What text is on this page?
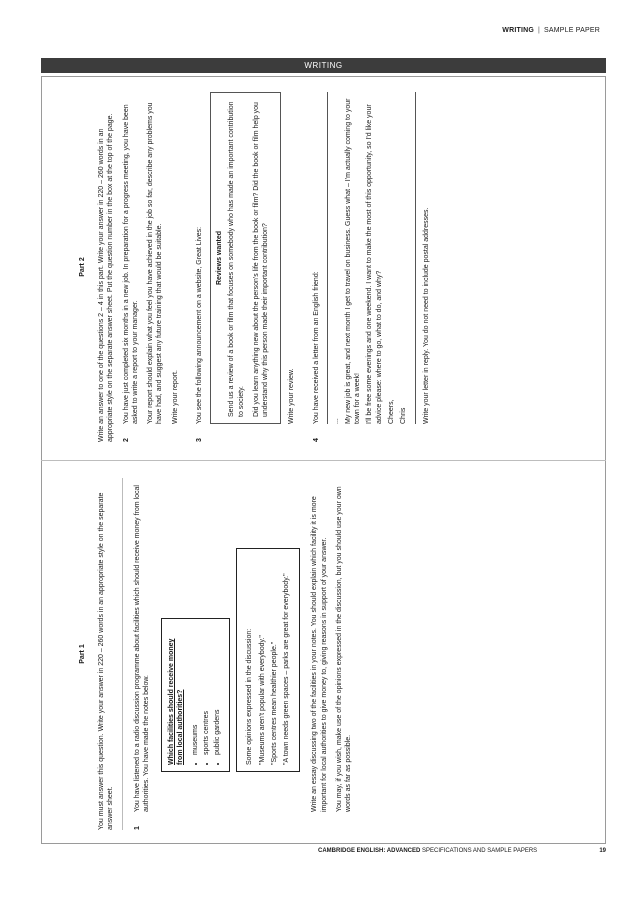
WRITING | SAMPLE PAPER
WRITING
Part 2 Write an answer to one of the questions 2 – 4 in this part. Write your answer in 220 – 260 words in an appropriate style on the separate answer sheet. Put the question number in the box at the top of the page. 2
You have just completed six months in a new job. In preparation for a progress meeting, you have been asked to write a report to your manager. Your report should explain what you feel you have achieved in the job so far, describe any problems you have had, and suggest any future training that would be suitable. Write your report.
3
You see the following announcement on a website, Great Lives: Reviews wanted Send us a review of a book or film that focuses on somebody who has made an important contribution to society. Did you learn anything new about the person's life from the book or film? Did the book or film help you understand why this person made their important contribution?	Write your review.
4
You have received a letter from an English friend: ... My new job is great, and next month I get to travel on business. Guess what – I'm actually coming to your town for a week! I'll be free some evenings and one weekend. I want to make the most of this opportunity, so I'd like your advice please: where to go, what to do, and why? Cheers, Chris Write your letter in reply. You do not need to include postal addresses.
Part 1 You must answer this question. Write your answer in 220 – 260 words in an appropriate style on the separate answer sheet.	1
You have listened to a radio discussion programme about facilities which should receive money from local authorities. You have made the notes below.	Which facilities should receive money from local authorities? • museums • sports centres • public gardens	Some opinions expressed in the discussion: "Museums aren't popular with everybody." "Sports centres mean healthier people." "A town needs green spaces – parks are great for everybody."	Write an essay discussing two of the facilities in your notes. You should explain which facility it is more important for local authorities to give money to, giving reasons in support of your answer. You may, if you wish, make use of the opinions expressed in the discussion, but you should use your own words as far as possible.
CAMBRIDGE ENGLISH: ADVANCED SPECIFICATIONS AND SAMPLE PAPERS	19
